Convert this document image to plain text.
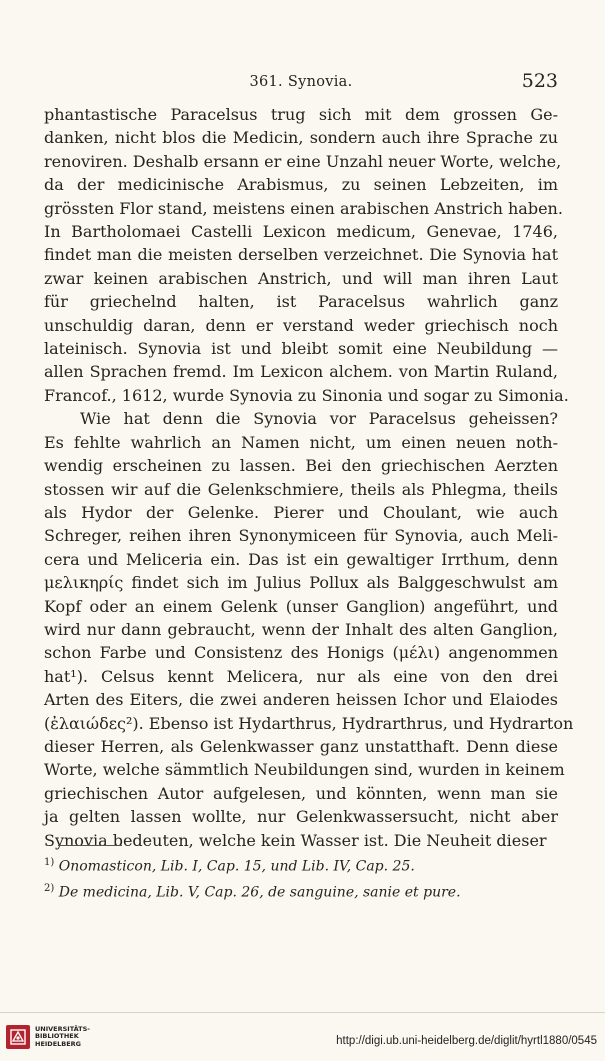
361. Synovia.	523
phantastische Paracelsus trug sich mit dem grossen Ge-
danken, nicht blos die Medicin, sondern auch ihre Sprache zu
renoviren. Deshalb ersann er eine Unzahl neuer Worte, welche,
da der medicinische Arabismus, zu seinen Lebzeiten, im
grössten Flor stand, meistens einen arabischen Anstrich haben.
In Bartholomaei Castelli Lexicon medicum, Genevae, 1746,
findet man die meisten derselben verzeichnet. Die Synovia hat
zwar keinen arabischen Anstrich, und will man ihren Laut
für griechelnd halten, ist Paracelsus wahrlich ganz
unschuldig daran, denn er verstand weder griechisch noch
lateinisch. Synovia ist und bleibt somit eine Neubildung —
allen Sprachen fremd. Im Lexicon alchem. von Martin Ruland,
Francof., 1612, wurde Synovia zu Sinonia und sogar zu Simonia.
Wie hat denn die Synovia vor Paracelsus geheissen?
Es fehlte wahrlich an Namen nicht, um einen neuen noth-
wendig erscheinen zu lassen. Bei den griechischen Aerzten
stossen wir auf die Gelenkschmiere, theils als Phlegma, theils
als Hydor der Gelenke. Pierer und Choulant, wie auch
Schreger, reihen ihren Synonymiceen für Synovia, auch Meli-
cera und Meliceria ein. Das ist ein gewaltiger Irrthum, denn
μελικηρίς findet sich im Julius Pollux als Balggeschwulst am
Kopf oder an einem Gelenk (unser Ganglion) angeführt, und
wird nur dann gebraucht, wenn der Inhalt des alten Ganglion,
schon Farbe und Consistenz des Honigs (μέλι) angenommen
hat¹). Celsus kennt Melicera, nur als eine von den drei
Arten des Eiters, die zwei anderen heissen Ichor und Elaiodes
(ἐλαιώδες²). Ebenso ist Hydarthrus, Hydrarthrus, und Hydrarton
dieser Herren, als Gelenkwasser ganz unstatthaft. Denn diese
Worte, welche sämmtlich Neubildungen sind, wurden in keinem
griechischen Autor aufgelesen, und könnten, wenn man sie
ja gelten lassen wollte, nur Gelenkwassersucht, nicht aber
Synovia bedeuten, welche kein Wasser ist. Die Neuheit dieser
$^{1)}$ Onomasticon, Lib. I, Cap. 15, und Lib. IV, Cap. 25.
$^{2)}$ De medicina, Lib. V, Cap. 26, de sanguine, sanie et pure.
UNIVERSITÄTS-
BIBLIOTHEK
HEIDELBERG	http://digi.ub.uni-heidelberg.de/diglit/hyrtl1880/0545
